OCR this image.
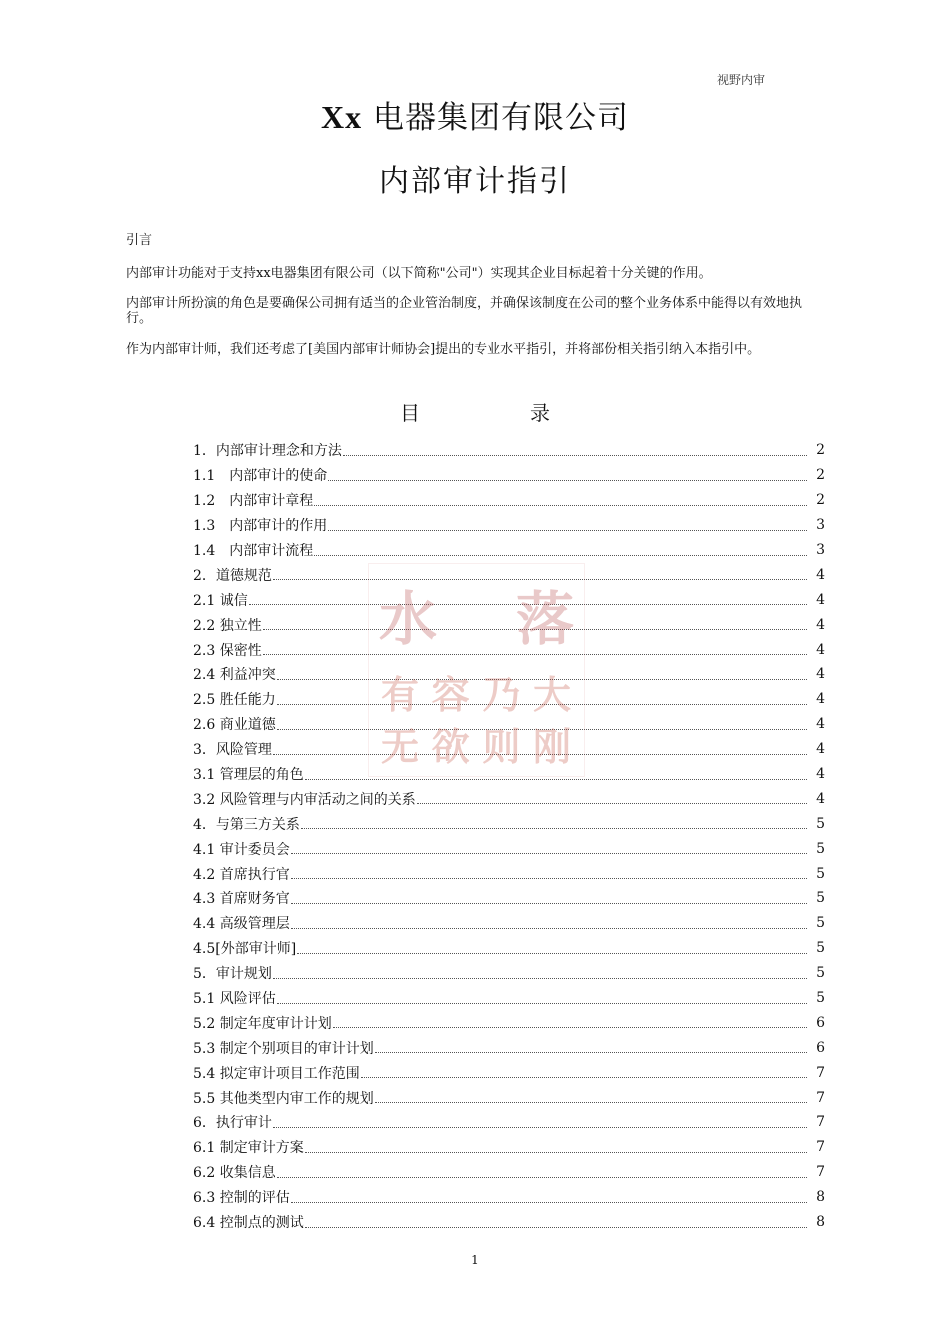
视野内审
Xx 电器集团有限公司
内部审计指引
引言
内部审计功能对于支持xx电器集团有限公司（以下简称"公司"）实现其企业目标起着十分关键的作用。
内部审计所扮演的角色是要确保公司拥有适当的企业管治制度，并确保该制度在公司的整个业务体系中能得以有效地执行。
作为内部审计师，我们还考虑了[美国内部审计师协会]提出的专业水平指引，并将部份相关指引纳入本指引中。
目录
1．内部审计理念和方法	2
1.1　内部审计的使命	2
1.2　内部审计章程	2
1.3　内部审计的作用	3
1.4　内部审计流程	3
2．道德规范	4
2.1 诚信	4
2.2 独立性	4
2.3 保密性	4
2.4 利益冲突	4
2.5 胜任能力	4
2.6 商业道德	4
3．风险管理	4
3.1 管理层的角色	4
3.2 风险管理与内审活动之间的关系	4
4．与第三方关系	5
4.1 审计委员会	5
4.2 首席执行官	5
4.3 首席财务官	5
4.4 高级管理层	5
4.5[外部审计师]	5
5．审计规划	5
5.1 风险评估	5
5.2 制定年度审计计划	6
5.3 制定个别项目的审计计划	6
5.4 拟定审计项目工作范围	7
5.5 其他类型内审工作的规划	7
6．执行审计	7
6.1 制定审计方案	7
6.2 收集信息	7
6.3 控制的评估	8
6.4 控制点的测试	8
水 落
有 容 乃 大
无 欲 则 刚
1
